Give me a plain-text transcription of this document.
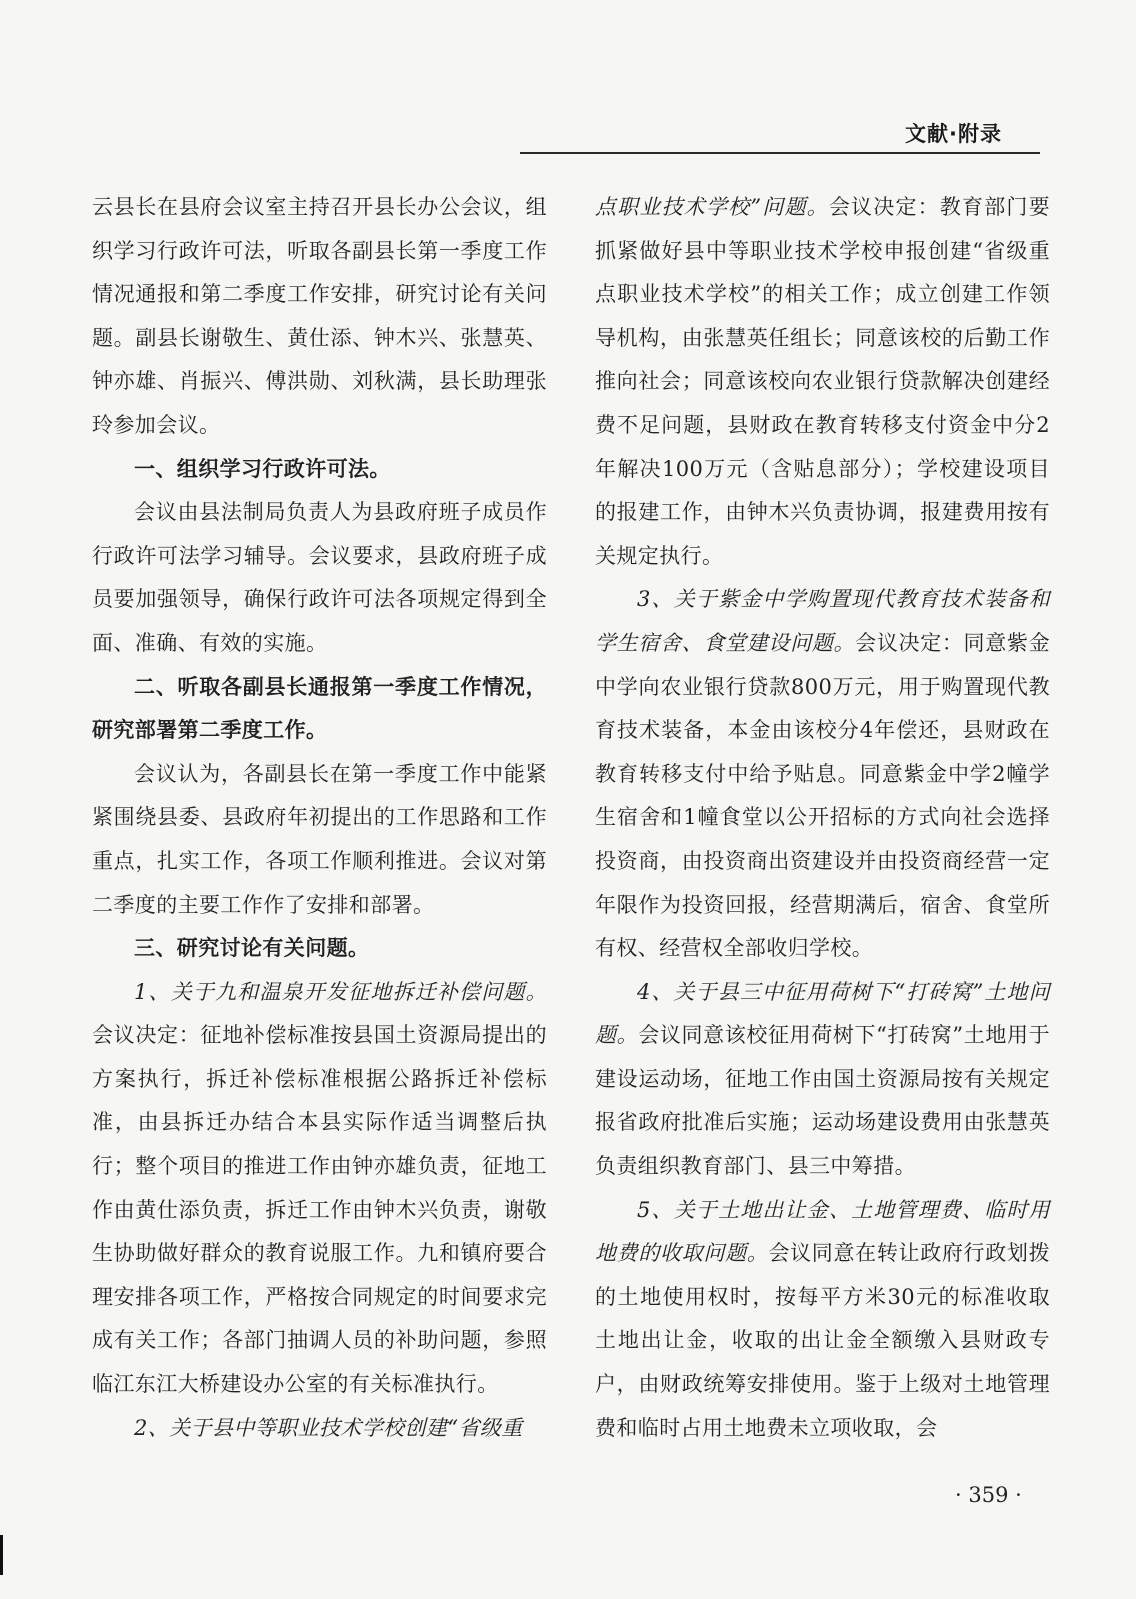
文献·附录

云县长在县府会议室主持召开县长办公会议，组织学习行政许可法，听取各副县长第一季度工作情况通报和第二季度工作安排，研究讨论有关问题。副县长谢敬生、黄仕添、钟木兴、张慧英、钟亦雄、肖振兴、傅洪勋、刘秋满，县长助理张玲参加会议。

一、组织学习行政许可法。

会议由县法制局负责人为县政府班子成员作行政许可法学习辅导。会议要求，县政府班子成员要加强领导，确保行政许可法各项规定得到全面、准确、有效的实施。

二、听取各副县长通报第一季度工作情况，研究部署第二季度工作。

会议认为，各副县长在第一季度工作中能紧紧围绕县委、县政府年初提出的工作思路和工作重点，扎实工作，各项工作顺利推进。会议对第二季度的主要工作作了安排和部署。

三、研究讨论有关问题。

1、关于九和温泉开发征地拆迁补偿问题。会议决定：征地补偿标准按县国土资源局提出的方案执行，拆迁补偿标准根据公路拆迁补偿标准，由县拆迁办结合本县实际作适当调整后执行；整个项目的推进工作由钟亦雄负责，征地工作由黄仕添负责，拆迁工作由钟木兴负责，谢敬生协助做好群众的教育说服工作。九和镇府要合理安排各项工作，严格按合同规定的时间要求完成有关工作；各部门抽调人员的补助问题，参照临江东江大桥建设办公室的有关标准执行。

2、关于县中等职业技术学校创建“省级重

点职业技术学校”问题。会议决定：教育部门要抓紧做好县中等职业技术学校申报创建“省级重点职业技术学校”的相关工作；成立创建工作领导机构，由张慧英任组长；同意该校的后勤工作推向社会；同意该校向农业银行贷款解决创建经费不足问题，县财政在教育转移支付资金中分2年解决100万元（含贴息部分）；学校建设项目的报建工作，由钟木兴负责协调，报建费用按有关规定执行。

3、关于紫金中学购置现代教育技术装备和学生宿舍、食堂建设问题。会议决定：同意紫金中学向农业银行贷款800万元，用于购置现代教育技术装备，本金由该校分4年偿还，县财政在教育转移支付中给予贴息。同意紫金中学2幢学生宿舍和1幢食堂以公开招标的方式向社会选择投资商，由投资商出资建设并由投资商经营一定年限作为投资回报，经营期满后，宿舍、食堂所有权、经营权全部收归学校。

4、关于县三中征用荷树下“打砖窝”土地问题。会议同意该校征用荷树下“打砖窝”土地用于建设运动场，征地工作由国土资源局按有关规定报省政府批准后实施；运动场建设费用由张慧英负责组织教育部门、县三中筹措。

5、关于土地出让金、土地管理费、临时用地费的收取问题。会议同意在转让政府行政划拨的土地使用权时，按每平方米30元的标准收取土地出让金，收取的出让金全额缴入县财政专户，由财政统筹安排使用。鉴于上级对土地管理费和临时占用土地费未立项收取，会

· 359 ·
